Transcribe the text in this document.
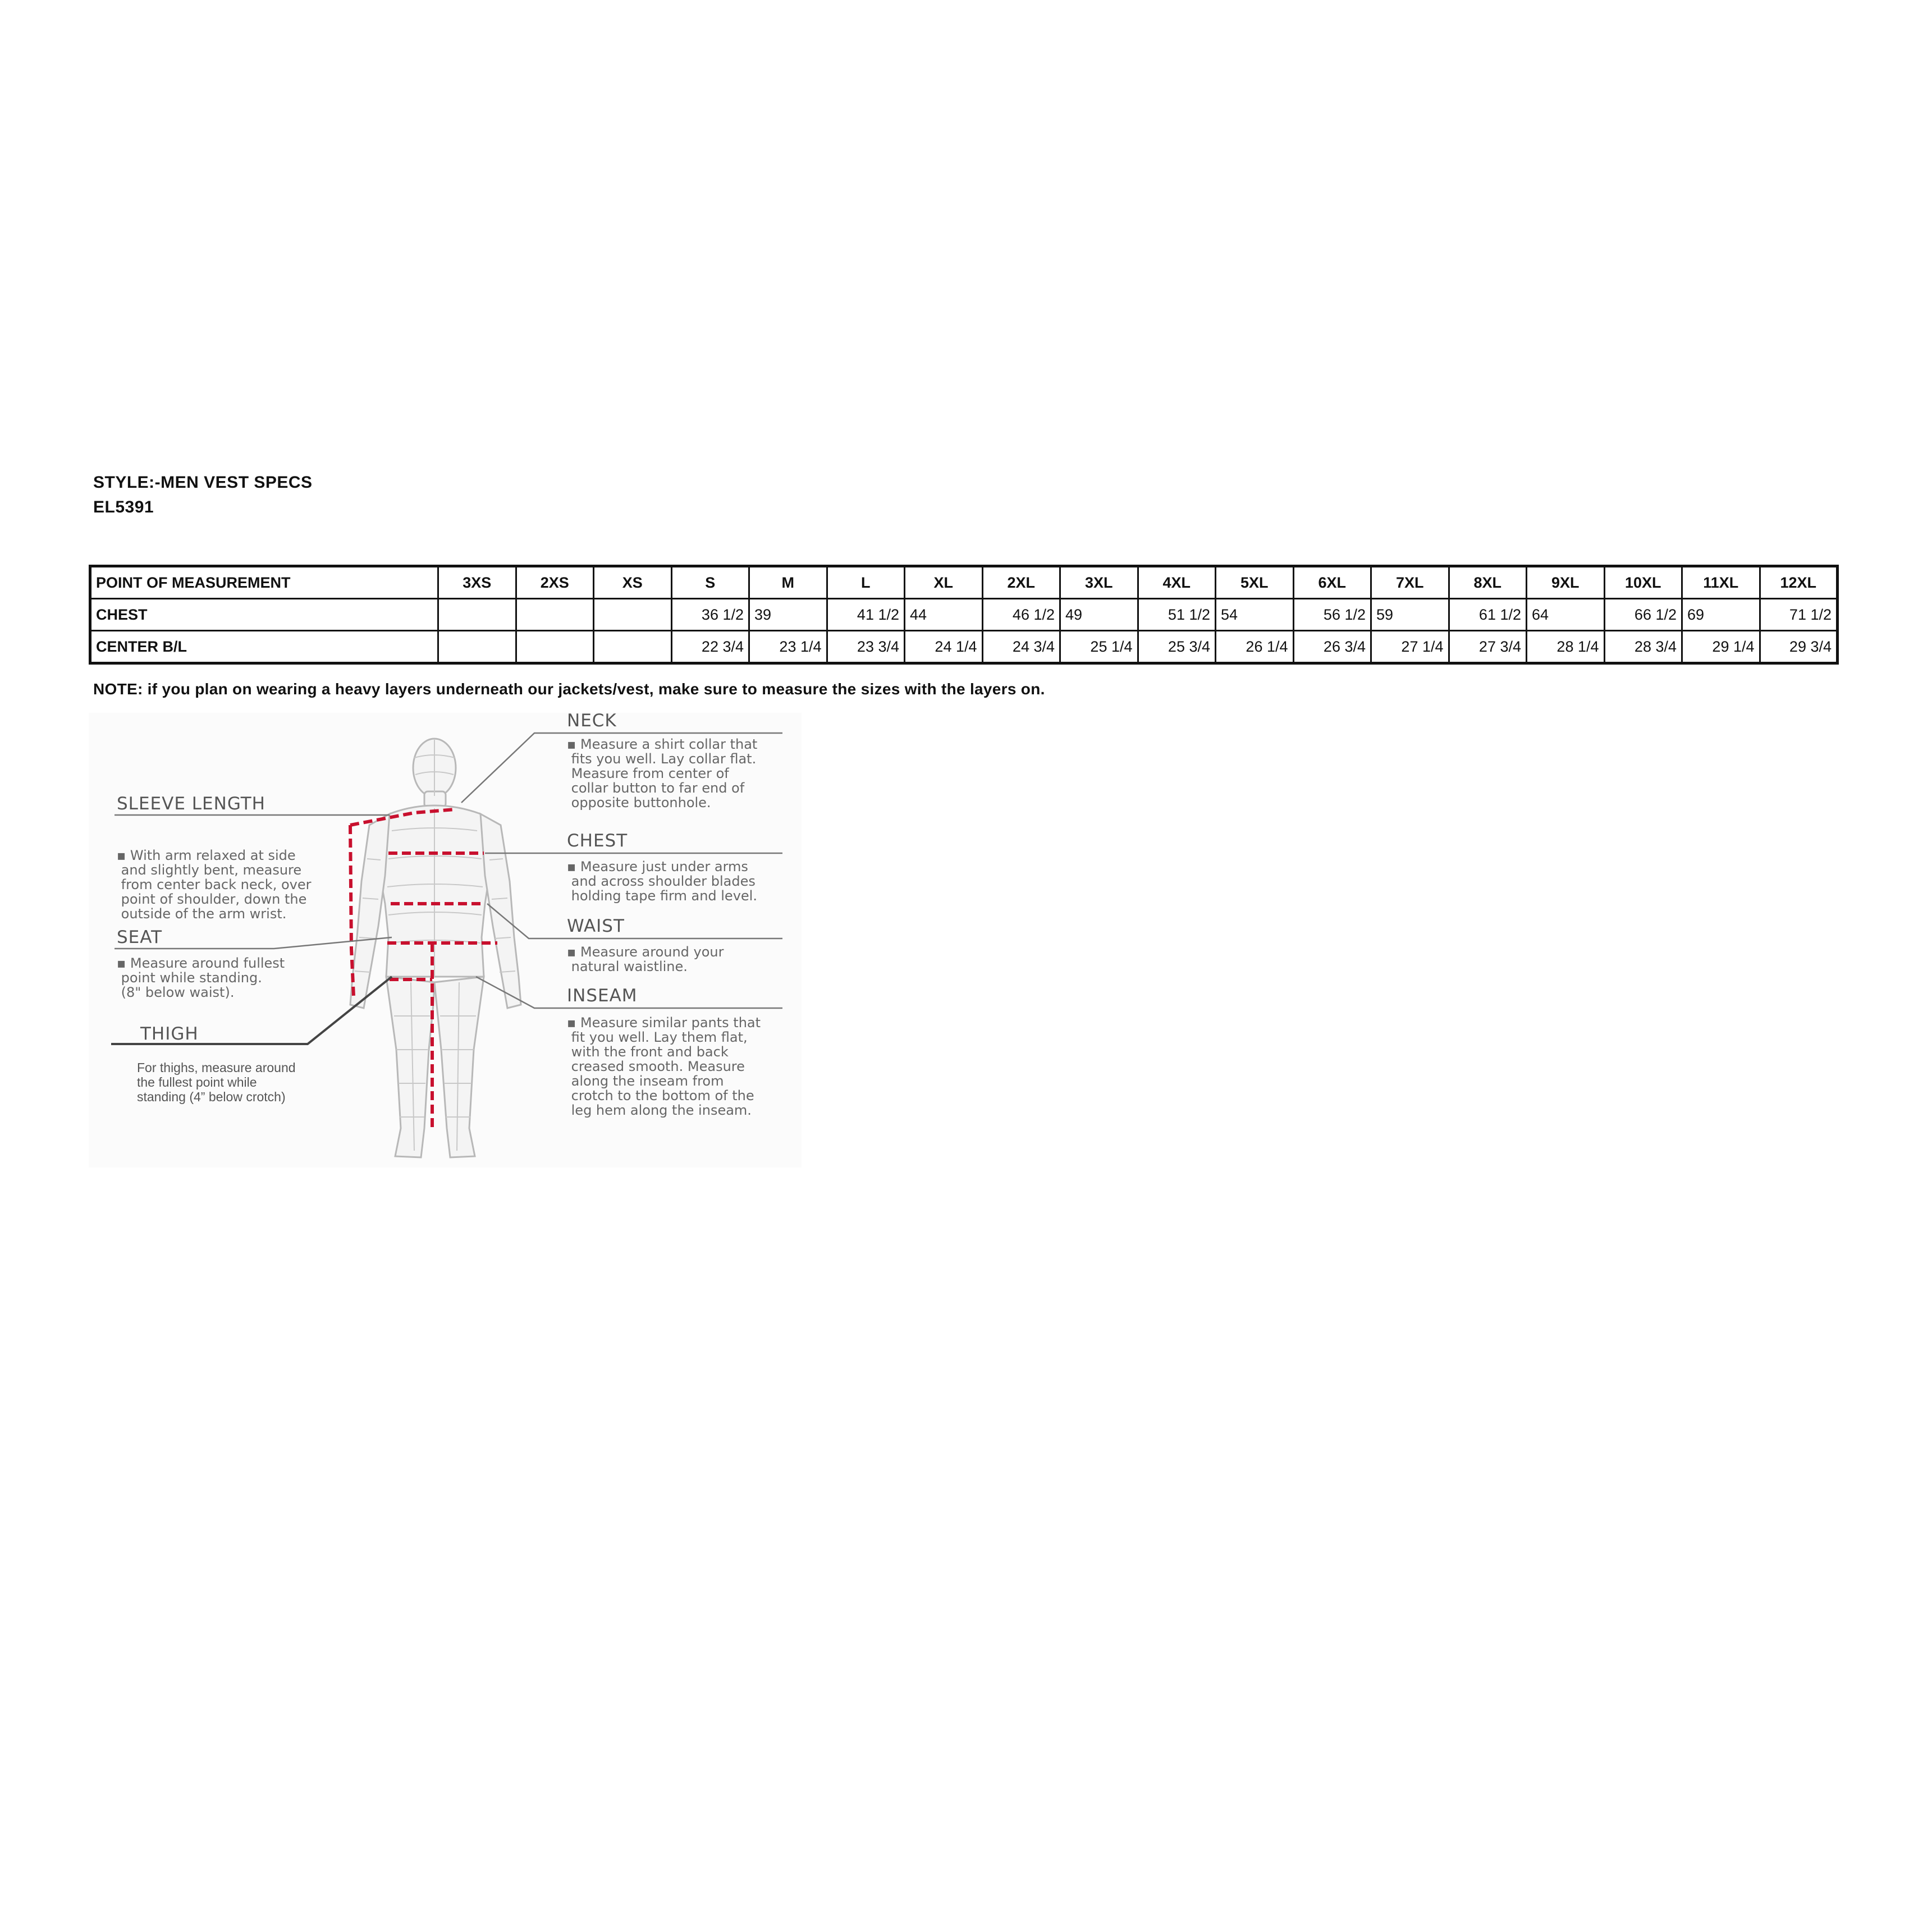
STYLE:-MEN VEST SPECS
EL5391
POINT OF MEASUREMENT	3XS	2XS	XS	S	M	L	XL	2XL	3XL	4XL	5XL	6XL	7XL	8XL	9XL	10XL	11XL	12XL
CHEST				36 1/2	39	41 1/2	44	46 1/2	49	51 1/2	54	56 1/2	59	61 1/2	64	66 1/2	69	71 1/2
CENTER B/L				22 3/4	23 1/4	23 3/4	24 1/4	24 3/4	25 1/4	25 3/4	26 1/4	26 3/4	27 1/4	27 3/4	28 1/4	28 3/4	29 1/4	29 3/4
NOTE: if you plan on wearing a heavy layers underneath our jackets/vest, make sure to measure the sizes with the layers on.
NECK
▪ Measure a shirt collar that fits you well. Lay collar flat. Measure from center of collar button to far end of opposite buttonhole.
CHEST
▪ Measure just under arms and across shoulder blades holding tape firm and level.
WAIST
▪ Measure around your natural waistline.
INSEAM
▪ Measure similar pants that fit you well. Lay them flat, with the front and back creased smooth. Measure along the inseam from crotch to the bottom of the leg hem along the inseam.
SLEEVE LENGTH
▪ With arm relaxed at side and slightly bent, measure from center back neck, over point of shoulder, down the outside of the arm wrist.
SEAT
▪ Measure around fullest point while standing. (8" below waist).
THIGH
For thighs, measure around the fullest point while standing (4” below crotch)
